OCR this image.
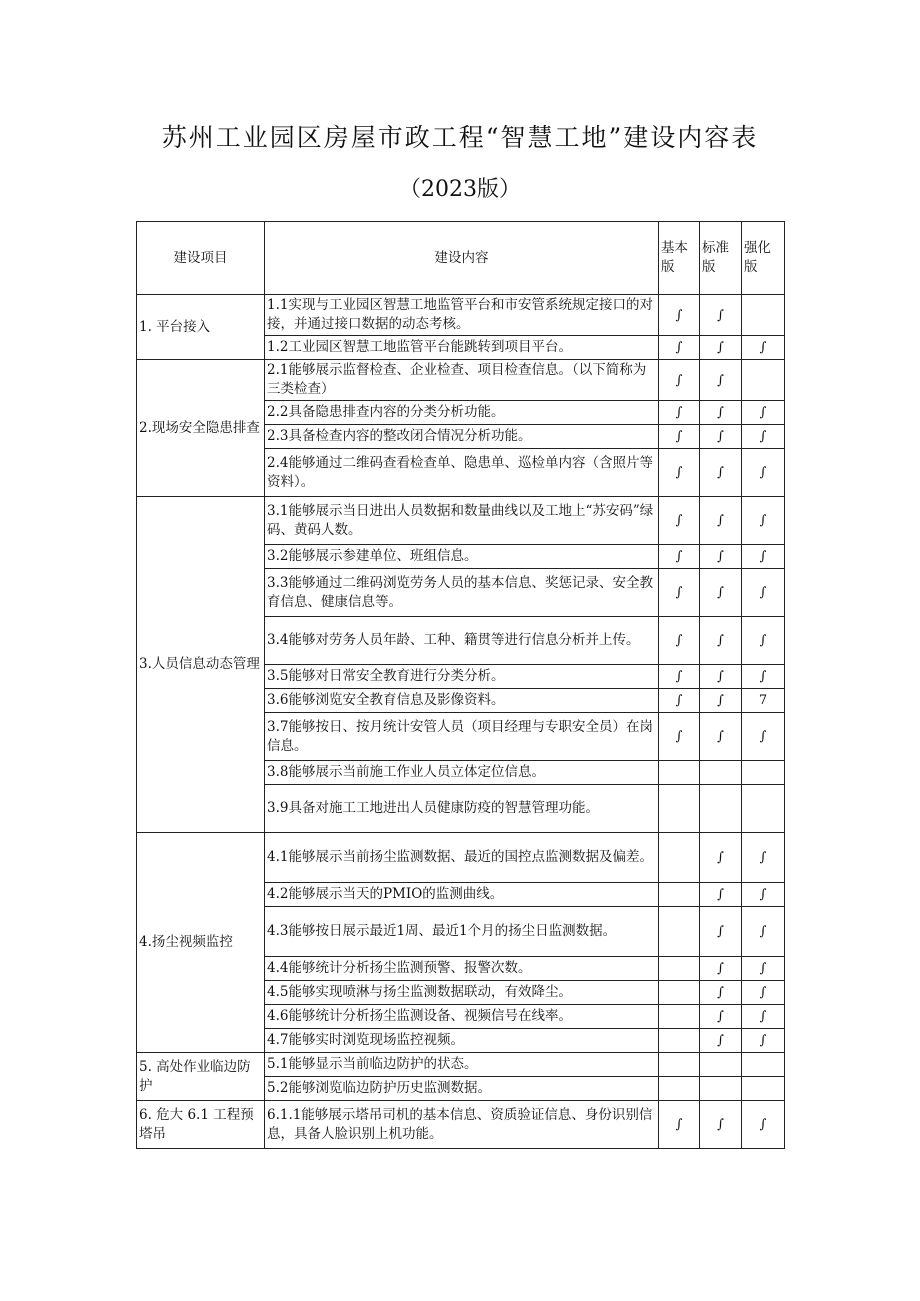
苏州工业园区房屋市政工程“智慧工地”建设内容表
（2023版）
建设项目	建设内容	基本版	标准版	强化版
1. 平台接入	1.1实现与工业园区智慧工地监管平台和市安管系统规定接口的对接，并通过接口数据的动态考核。	∫	∫	
	1.2工业园区智慧工地监管平台能跳转到项目平台。	∫	∫	∫
2.现场安全隐患排查	2.1能够展示监督检查、企业检查、项目检查信息。（以下简称为三类检查）	∫	∫	
	2.2具备隐患排查内容的分类分析功能。	∫	∫	∫
	2.3具备检查内容的整改闭合情况分析功能。	∫	∫	∫
	2.4能够通过二维码查看检查单、隐患单、巡检单内容（含照片等资料）。	∫	∫	∫
3.人员信息动态管理	3.1能够展示当日进出人员数据和数量曲线以及工地上“苏安码”绿码、黄码人数。	∫	∫	∫
	3.2能够展示参建单位、班组信息。	∫	∫	∫
	3.3能够通过二维码浏览劳务人员的基本信息、奖惩记录、安全教育信息、健康信息等。	∫	∫	∫
	3.4能够对劳务人员年龄、工种、籍贯等进行信息分析并上传。	∫	∫	∫
	3.5能够对日常安全教育进行分类分析。	∫	∫	∫
	3.6能够浏览安全教育信息及影像资料。	∫	∫	7
	3.7能够按日、按月统计安管人员（项目经理与专职安全员）在岗信息。	∫	∫	∫
	3.8能够展示当前施工作业人员立体定位信息。			
	3.9具备对施工工地进出人员健康防疫的智慧管理功能。			
4.扬尘视频监控	4.1能够展示当前扬尘监测数据、最近的国控点监测数据及偏差。		∫	∫
	4.2能够展示当天的PMIO的监测曲线。		∫	∫
	4.3能够按日展示最近1周、最近1个月的扬尘日监测数据。		∫	∫
	4.4能够统计分析扬尘监测预警、报警次数。		∫	∫
	4.5能够实现喷淋与扬尘监测数据联动，有效降尘。		∫	∫
	4.6能够统计分析扬尘监测设备、视频信号在线率。		∫	∫
	4.7能够实时浏览现场监控视频。		∫	∫
5. 高处作业临边防护	5.1能够显示当前临边防护的状态。			
	5.2能够浏览临边防护历史监测数据。			
6. 危大 6.1 工程预 塔吊	6.1.1能够展示塔吊司机的基本信息、资质验证信息、身份识别信息，具备人脸识别上机功能。	∫	∫	∫
